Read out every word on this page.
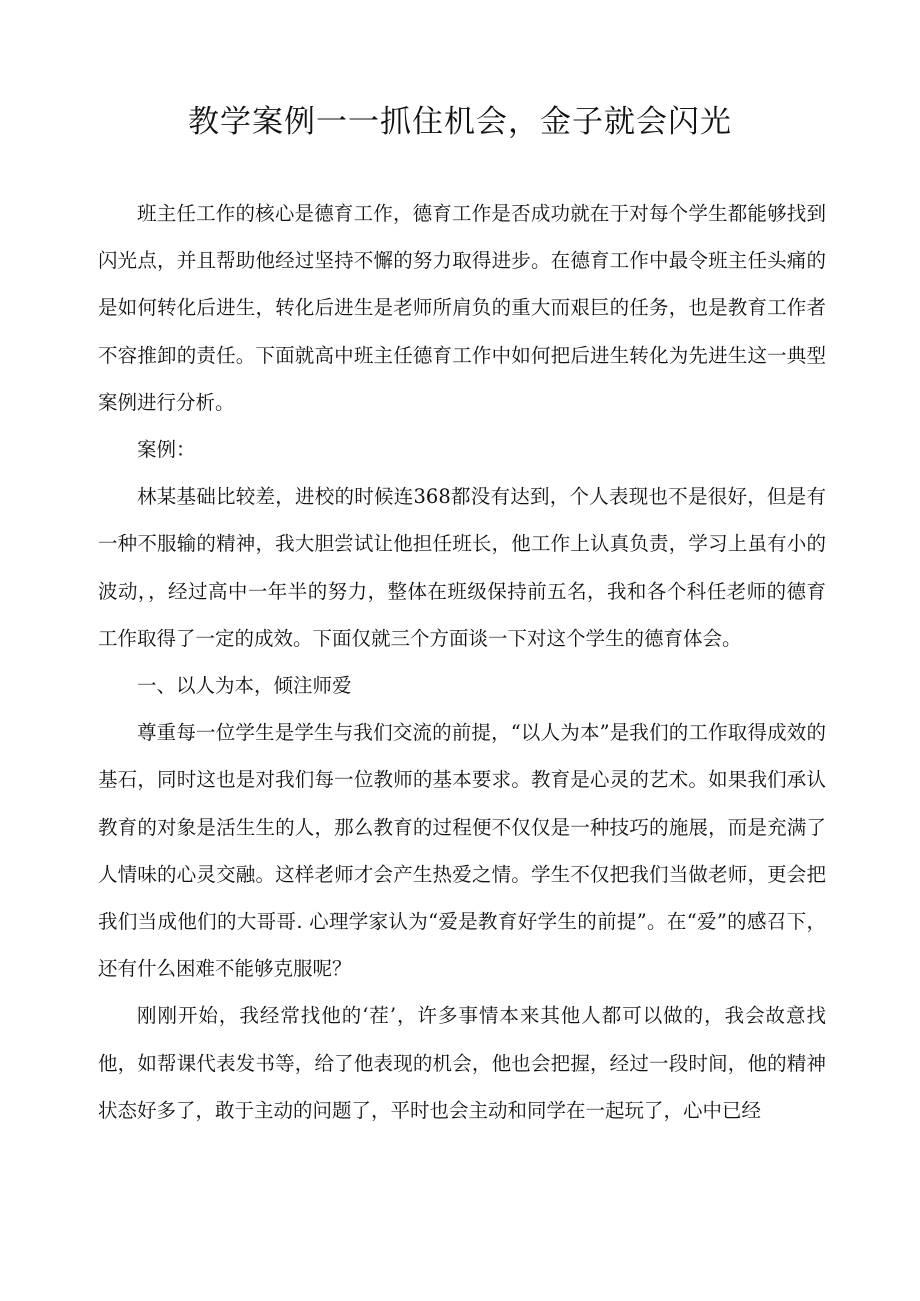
教学案例一一抓住机会，金子就会闪光

班主任工作的核心是德育工作，德育工作是否成功就在于对每个学生都能够找到闪光点，并且帮助他经过坚持不懈的努力取得进步。在德育工作中最令班主任头痛的是如何转化后进生，转化后进生是老师所肩负的重大而艰巨的任务，也是教育工作者不容推卸的责任。下面就高中班主任德育工作中如何把后进生转化为先进生这一典型案例进行分析。

案例：

林某基础比较差，进校的时候连368都没有达到，个人表现也不是很好，但是有一种不服输的精神，我大胆尝试让他担任班长，他工作上认真负责，学习上虽有小的波动，，经过高中一年半的努力，整体在班级保持前五名，我和各个科任老师的德育工作取得了一定的成效。下面仅就三个方面谈一下对这个学生的德育体会。

一、以人为本，倾注师爱

尊重每一位学生是学生与我们交流的前提，“以人为本”是我们的工作取得成效的基石，同时这也是对我们每一位教师的基本要求。教育是心灵的艺术。如果我们承认教育的对象是活生生的人，那么教育的过程便不仅仅是一种技巧的施展，而是充满了人情味的心灵交融。这样老师才会产生热爱之情。学生不仅把我们当做老师，更会把我们当成他们的大哥哥. 心理学家认为“爱是教育好学生的前提”。在“爱”的感召下，还有什么困难不能够克服呢？

刚刚开始，我经常找他的‘茬’，许多事情本来其他人都可以做的，我会故意找他，如帮课代表发书等，给了他表现的机会，他也会把握，经过一段时间，他的精神状态好多了，敢于主动的问题了，平时也会主动和同学在一起玩了，心中已经
